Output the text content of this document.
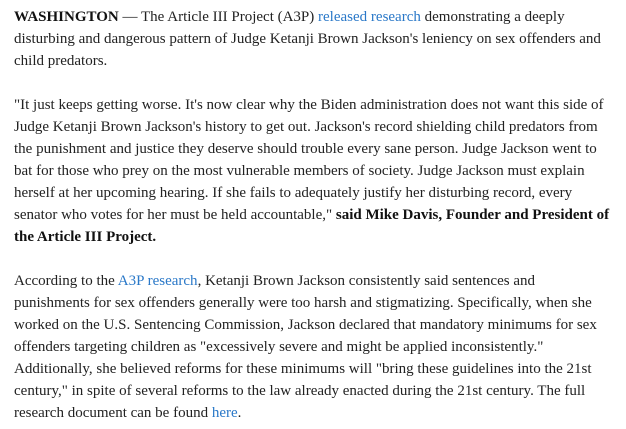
WASHINGTON — The Article III Project (A3P) released research demonstrating a deeply disturbing and dangerous pattern of Judge Ketanji Brown Jackson's leniency on sex offenders and child predators.

"It just keeps getting worse. It's now clear why the Biden administration does not want this side of Judge Ketanji Brown Jackson's history to get out. Jackson's record shielding child predators from the punishment and justice they deserve should trouble every sane person. Judge Jackson went to bat for those who prey on the most vulnerable members of society. Judge Jackson must explain herself at her upcoming hearing. If she fails to adequately justify her disturbing record, every senator who votes for her must be held accountable," said Mike Davis, Founder and President of the Article III Project.

According to the A3P research, Ketanji Brown Jackson consistently said sentences and punishments for sex offenders generally were too harsh and stigmatizing. Specifically, when she worked on the U.S. Sentencing Commission, Jackson declared that mandatory minimums for sex offenders targeting children as "excessively severe and might be applied inconsistently." Additionally, she believed reforms for these minimums will "bring these guidelines into the 21st century," in spite of several reforms to the law already enacted during the 21st century. The full research document can be found here.
